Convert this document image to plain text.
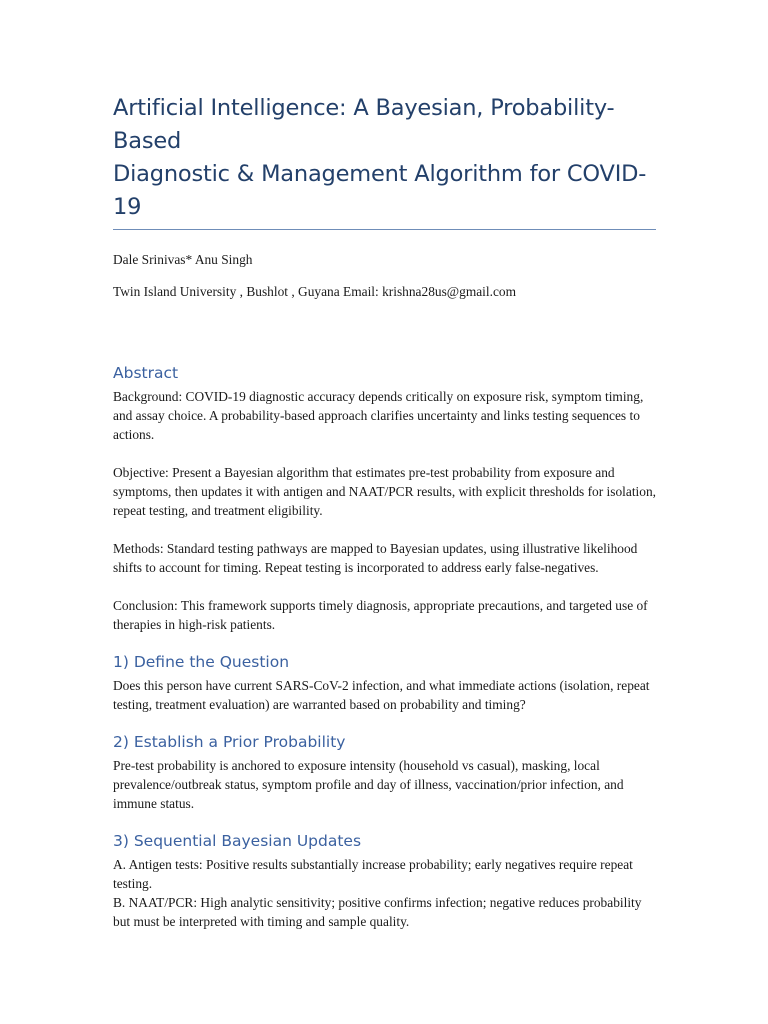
Artificial Intelligence: A Bayesian, Probability-Based
Diagnostic & Management Algorithm for COVID-19

Dale Srinivas* Anu Singh

Twin Island University , Bushlot , Guyana Email: krishna28us@gmail.com

Abstract

Background: COVID-19 diagnostic accuracy depends critically on exposure risk, symptom timing, and assay choice. A probability-based approach clarifies uncertainty and links testing sequences to actions.

Objective: Present a Bayesian algorithm that estimates pre-test probability from exposure and symptoms, then updates it with antigen and NAAT/PCR results, with explicit thresholds for isolation, repeat testing, and treatment eligibility.

Methods: Standard testing pathways are mapped to Bayesian updates, using illustrative likelihood shifts to account for timing. Repeat testing is incorporated to address early false-negatives.

Conclusion: This framework supports timely diagnosis, appropriate precautions, and targeted use of therapies in high-risk patients.

1) Define the Question

Does this person have current SARS-CoV-2 infection, and what immediate actions (isolation, repeat testing, treatment evaluation) are warranted based on probability and timing?

2) Establish a Prior Probability

Pre-test probability is anchored to exposure intensity (household vs casual), masking, local prevalence/outbreak status, symptom profile and day of illness, vaccination/prior infection, and immune status.

3) Sequential Bayesian Updates

A. Antigen tests: Positive results substantially increase probability; early negatives require repeat testing.

B. NAAT/PCR: High analytic sensitivity; positive confirms infection; negative reduces probability but must be interpreted with timing and sample quality.
